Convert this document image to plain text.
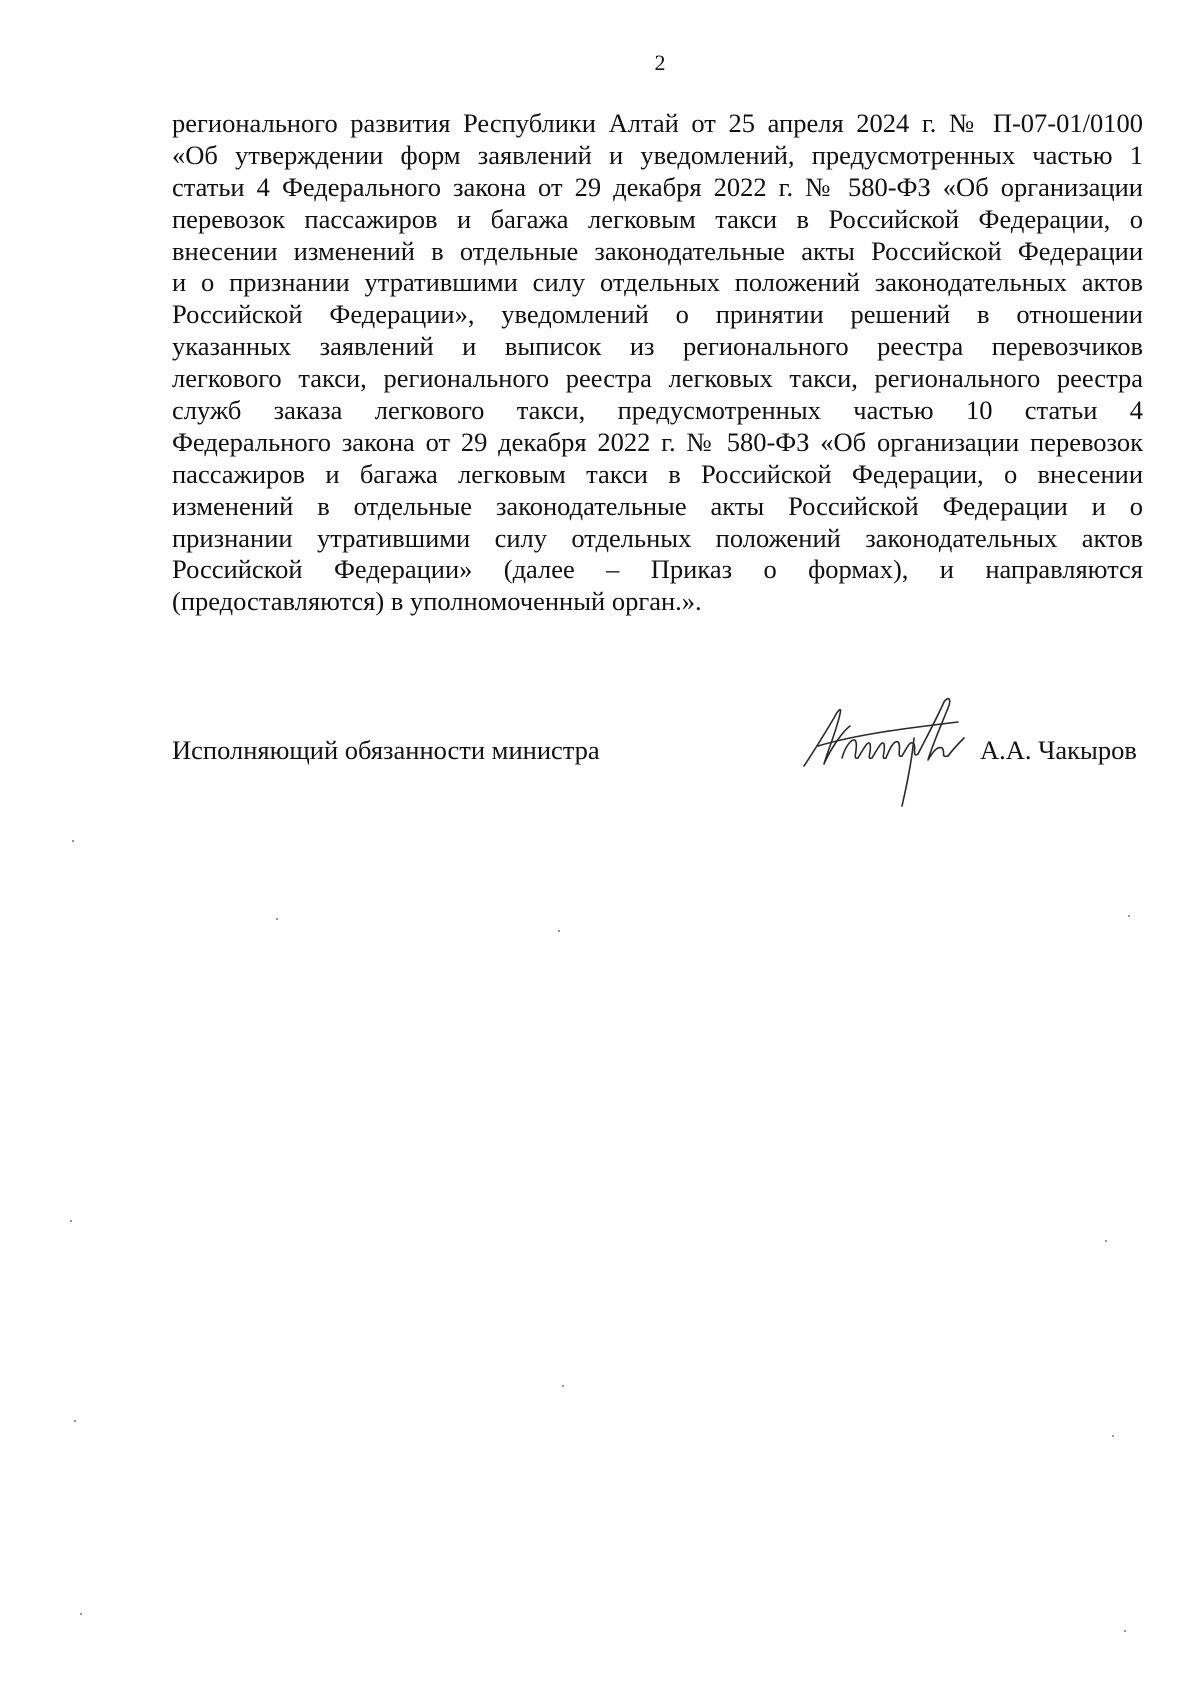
2
регионального развития Республики Алтай от 25 апреля 2024 г. № П-07-01/0100
«Об утверждении форм заявлений и уведомлений, предусмотренных частью 1
статьи 4 Федерального закона от 29 декабря 2022 г. № 580-ФЗ «Об организации
перевозок пассажиров и багажа легковым такси в Российской Федерации, о
внесении изменений в отдельные законодательные акты Российской Федерации
и о признании утратившими силу отдельных положений законодательных актов
Российской Федерации», уведомлений о принятии решений в отношении
указанных заявлений и выписок из регионального реестра перевозчиков
легкового такси, регионального реестра легковых такси, регионального реестра
служб заказа легкового такси, предусмотренных частью 10 статьи 4
Федерального закона от 29 декабря 2022 г. № 580-ФЗ «Об организации перевозок
пассажиров и багажа легковым такси в Российской Федерации, о внесении
изменений в отдельные законодательные акты Российской Федерации и о
признании утратившими силу отдельных положений законодательных актов
Российской Федерации» (далее – Приказ о формах), и направляются
(предоставляются) в уполномоченный орган.».
Исполняющий обязанности министра	А.А. Чакыров
